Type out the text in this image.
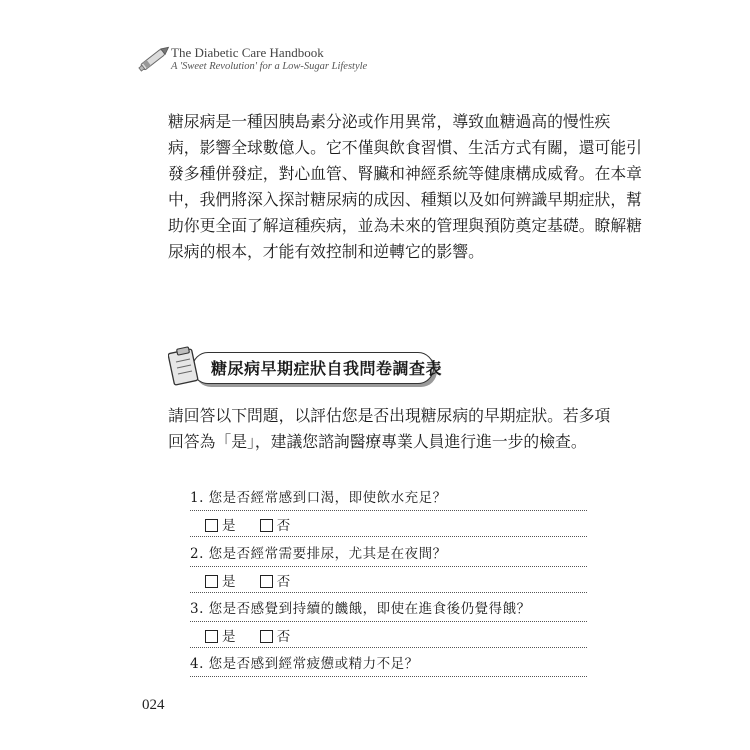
The Diabetic Care Handbook
A 'Sweet Revolution' for a Low-Sugar Lifestyle

糖尿病是一種因胰島素分泌或作用異常，導致血糖過高的慢性疾
病，影響全球數億人。它不僅與飲食習慣、生活方式有關，還可能引
發多種併發症，對心血管、腎臟和神經系統等健康構成威脅。在本章
中，我們將深入探討糖尿病的成因、種類以及如何辨識早期症狀，幫
助你更全面了解這種疾病，並為未來的管理與預防奠定基礎。瞭解糖
尿病的根本，才能有效控制和逆轉它的影響。

糖尿病早期症狀自我問卷調查表

請回答以下問題，以評估您是否出現糖尿病的早期症狀。若多項
回答為「是」，建議您諮詢醫療專業人員進行進一步的檢查。

1. 您是否經常感到口渴，即使飲水充足？
是	否
2. 您是否經常需要排尿，尤其是在夜間？
是	否
3. 您是否感覺到持續的饑餓，即使在進食後仍覺得餓？
是	否
4. 您是否感到經常疲憊或精力不足？
024
